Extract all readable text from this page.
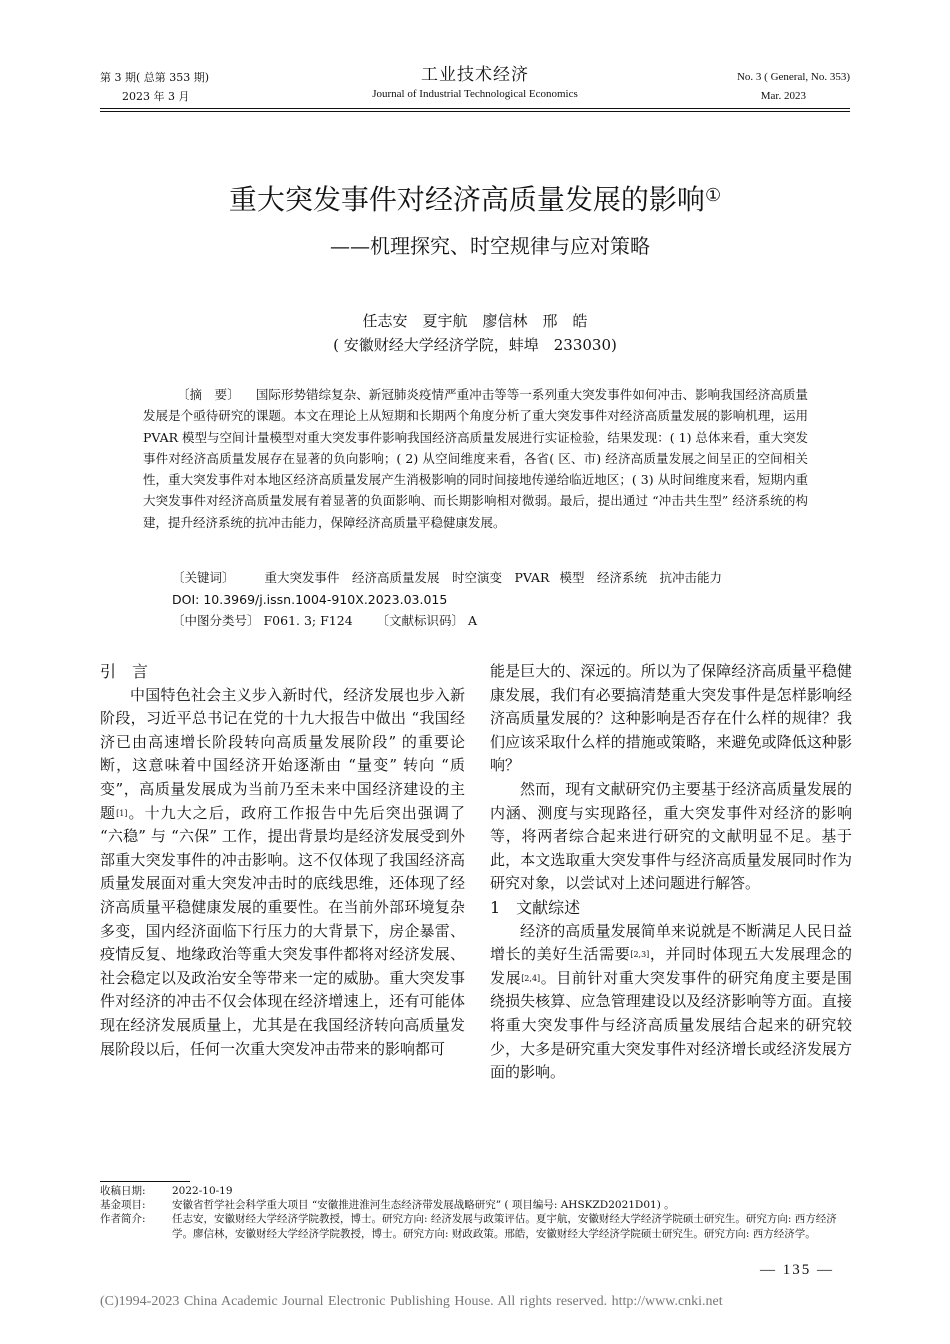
第 3 期( 总第 353 期)
2023 年 3 月
工业技术经济
Journal of Industrial Technological Economics
No. 3 ( General, No. 353)
Mar. 2023
重大突发事件对经济高质量发展的影响①
——机理探究、时空规律与应对策略
任志安　夏宇航　廖信林　邢　皓
( 安徽财经大学经济学院，蚌埠　233030)
〔摘　要〕 国际形势错综复杂、新冠肺炎疫情严重冲击等等一系列重大突发事件如何冲击、影响我国经济高质量发展是个亟待研究的课题。本文在理论上从短期和长期两个角度分析了重大突发事件对经济高质量发展的影响机理，运用 PVAR 模型与空间计量模型对重大突发事件影响我国经济高质量发展进行实证检验，结果发现：( 1) 总体来看，重大突发事件对经济高质量发展存在显著的负向影响；( 2) 从空间维度来看，各省( 区、市) 经济高质量发展之间呈正的空间相关性，重大突发事件对本地区经济高质量发展产生消极影响的同时间接地传递给临近地区；( 3) 从时间维度来看，短期内重大突发事件对经济高质量发展有着显著的负面影响、而长期影响相对微弱。最后，提出通过 “冲击共生型” 经济系统的构建，提升经济系统的抗冲击能力，保障经济高质量平稳健康发展。
〔关键词〕 重大突发事件　经济高质量发展　时空演变　PVAR 模型　经济系统　抗冲击能力
DOI: 10.3969/j.issn.1004-910X.2023.03.015
〔中图分类号〕 F061. 3; F124 〔文献标识码〕 A
引　言

中国特色社会主义步入新时代，经济发展也步入新阶段，习近平总书记在党的十九大报告中做出 “我国经济已由高速增长阶段转向高质量发展阶段” 的重要论断，这意味着中国经济开始逐渐由 “量变” 转向 “质变”，高质量发展成为当前乃至未来中国经济建设的主题[1]。十九大之后，政府工作报告中先后突出强调了 “六稳” 与 “六保” 工作，提出背景均是经济发展受到外部重大突发事件的冲击影响。这不仅体现了我国经济高质量发展面对重大突发冲击时的底线思维，还体现了经济高质量平稳健康发展的重要性。在当前外部环境复杂多变，国内经济面临下行压力的大背景下，房企暴雷、疫情反复、地缘政治等重大突发事件都将对经济发展、社会稳定以及政治安全等带来一定的威胁。重大突发事件对经济的冲击不仅会体现在经济增速上，还有可能体现在经济发展质量上，尤其是在我国经济转向高质量发展阶段以后，任何一次重大突发冲击带来的影响都可

能是巨大的、深远的。所以为了保障经济高质量平稳健康发展，我们有必要搞清楚重大突发事件是怎样影响经济高质量发展的？这种影响是否存在什么样的规律？我们应该采取什么样的措施或策略，来避免或降低这种影响？

然而，现有文献研究仍主要基于经济高质量发展的内涵、测度与实现路径，重大突发事件对经济的影响等，将两者综合起来进行研究的文献明显不足。基于此，本文选取重大突发事件与经济高质量发展同时作为研究对象，以尝试对上述问题进行解答。

1　文献综述

经济的高质量发展简单来说就是不断满足人民日益增长的美好生活需要[2,3]，并同时体现五大发展理念的发展[2,4]。目前针对重大突发事件的研究角度主要是围绕损失核算、应急管理建设以及经济影响等方面。直接将重大突发事件与经济高质量发展结合起来的研究较少，大多是研究重大突发事件对经济增长或经济发展方面的影响。

收稿日期:	2022-10-19
基金项目:	安徽省哲学社会科学重大项目 “安徽推进淮河生态经济带发展战略研究” ( 项目编号: AHSKZD2021D01) 。
作者简介:	任志安，安徽财经大学经济学院教授，博士。研究方向: 经济发展与政策评估。夏宇航，安徽财经大学经济学院硕士研究生。研究方向: 西方经济学。廖信林，安徽财经大学经济学院教授，博士。研究方向: 财政政策。邢皓，安徽财经大学经济学院硕士研究生。研究方向: 西方经济学。
— 135 —
(C)1994-2023 China Academic Journal Electronic Publishing House. All rights reserved. http://www.cnki.net
